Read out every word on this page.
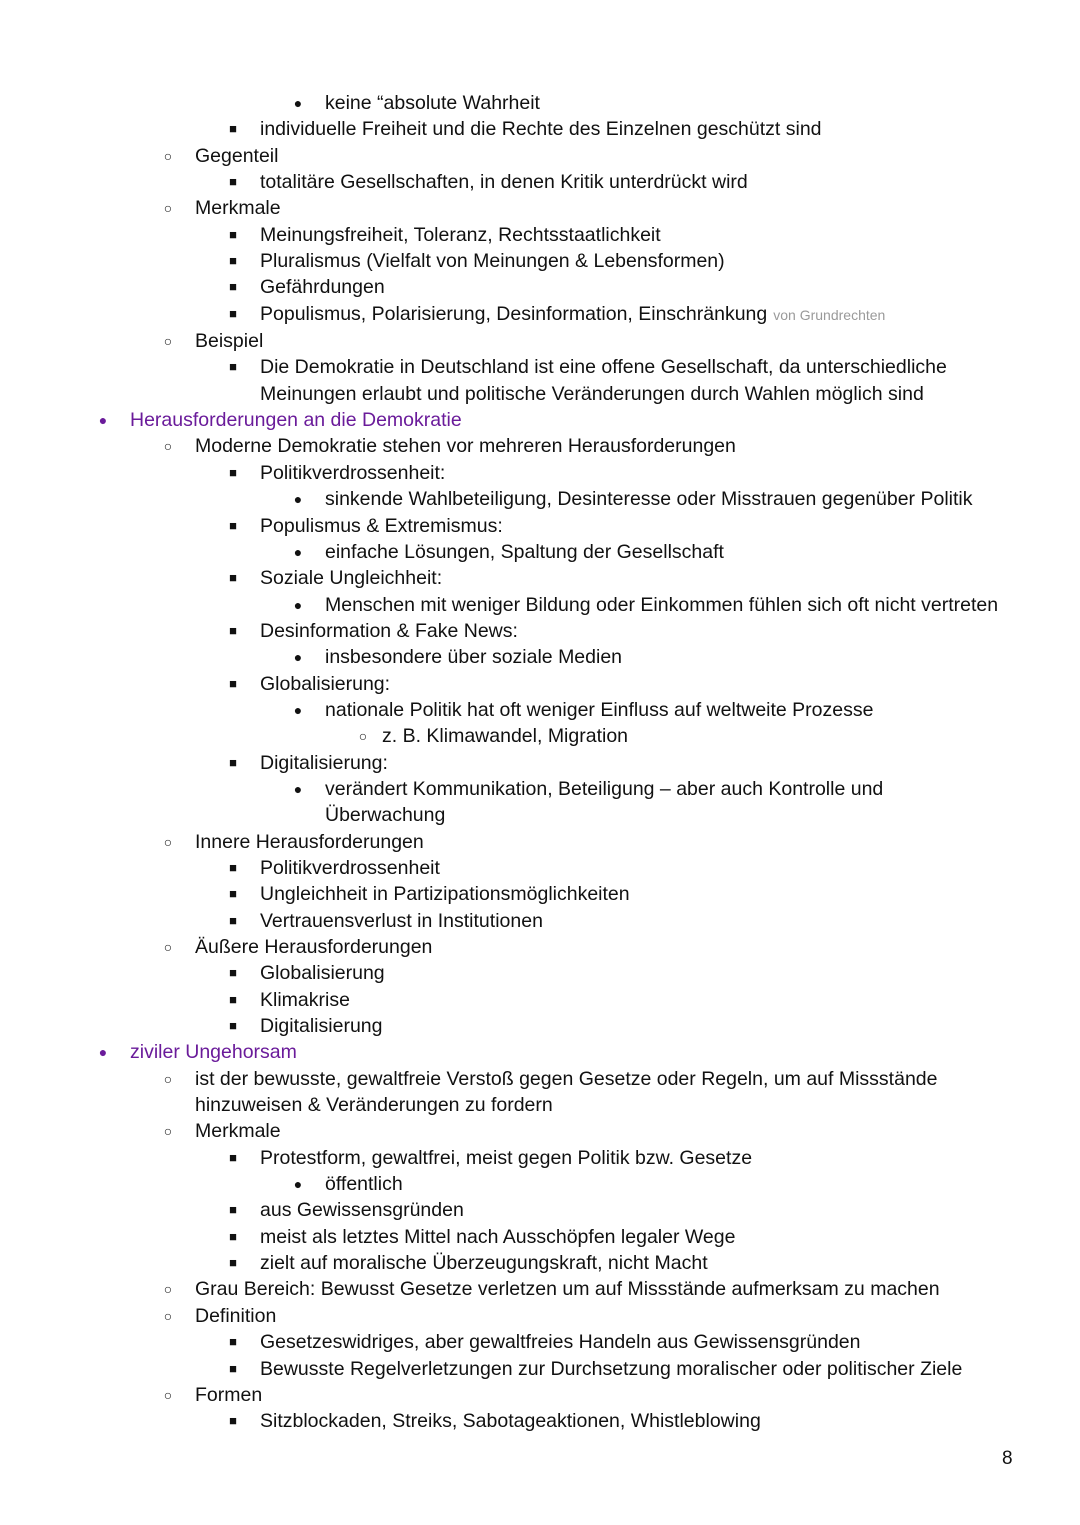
● keine “absolute Wahrheit
■	individuelle Freiheit und die Rechte des Einzelnen geschützt sind
○ Gegenteil
■	totalitäre Gesellschaften, in denen Kritik unterdrückt wird
○ Merkmale
■	Meinungsfreiheit, Toleranz, Rechtsstaatlichkeit
■	Pluralismus (Vielfalt von Meinungen & Lebensformen)
■	Gefährdungen
■	Populismus, Polarisierung, Desinformation, Einschränkung von Grundrechten
○ Beispiel
■	Die Demokratie in Deutschland ist eine offene Gesellschaft, da unterschiedliche
Meinungen erlaubt und politische Veränderungen durch Wahlen möglich sind
● Herausforderungen an die Demokratie
○ Moderne Demokratie stehen vor mehreren Herausforderungen
■	Politikverdrossenheit:
● sinkende Wahlbeteiligung, Desinteresse oder Misstrauen gegenüber Politik
■	Populismus & Extremismus:
● einfache Lösungen, Spaltung der Gesellschaft
■	Soziale Ungleichheit:
● Menschen mit weniger Bildung oder Einkommen fühlen sich oft nicht vertreten
■	Desinformation & Fake News:
● insbesondere über soziale Medien
■	Globalisierung:
● nationale Politik hat oft weniger Einfluss auf weltweite Prozesse
○ z. B. Klimawandel, Migration
■	Digitalisierung:
● verändert Kommunikation, Beteiligung – aber auch Kontrolle und
Überwachung
○ Innere Herausforderungen
■	Politikverdrossenheit
■	Ungleichheit in Partizipationsmöglichkeiten
■	Vertrauensverlust in Institutionen
○ Äußere Herausforderungen
■	Globalisierung
■	Klimakrise
■	Digitalisierung
● ziviler Ungehorsam
○ ist der bewusste, gewaltfreie Verstoß gegen Gesetze oder Regeln, um auf Missstände
hinzuweisen & Veränderungen zu fordern
○ Merkmale
■	Protestform, gewaltfrei, meist gegen Politik bzw. Gesetze
● öffentlich
■	aus Gewissensgründen
■	meist als letztes Mittel nach Ausschöpfen legaler Wege
■	zielt auf moralische Überzeugungskraft, nicht Macht
○ Grau Bereich: Bewusst Gesetze verletzen um auf Missstände aufmerksam zu machen
○ Definition
■	Gesetzeswidriges, aber gewaltfreies Handeln aus Gewissensgründen
■	Bewusste Regelverletzungen zur Durchsetzung moralischer oder politischer Ziele
○ Formen
■	Sitzblockaden, Streiks, Sabotageaktionen, Whistleblowing
8
